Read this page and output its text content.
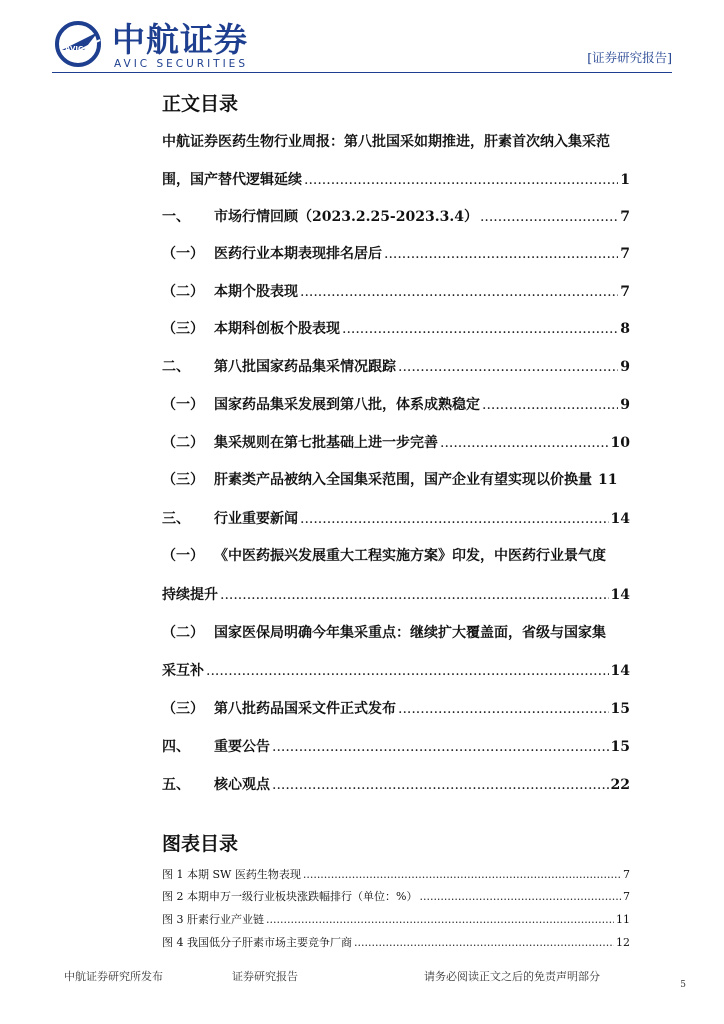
AVIC 中航证券
AVIC SECURITIES	[证券研究报告]
正文目录
中航证券医药生物行业周报：第八批国采如期推进，肝素首次纳入集采范
围，国产替代逻辑延续 .....	1
一、	市场行情回顾（2023.2.25-2023.3.4） .....	7
（一） 医药行业本期表现排名居后 .....	7
（二） 本期个股表现 .....	7
（三） 本期科创板个股表现 .....	8
二、	第八批国家药品集采情况跟踪 .....	9
（一） 国家药品集采发展到第八批，体系成熟稳定 .....	9
（二） 集采规则在第七批基础上进一步完善 .....	10
（三） 肝素类产品被纳入全国集采范围，国产企业有望实现以价换量 11
三、	行业重要新闻 .....	14
（一） 《中医药振兴发展重大工程实施方案》印发，中医药行业景气度
持续提升 .....	14
（二） 国家医保局明确今年集采重点：继续扩大覆盖面，省级与国家集
采互补 .....	14
（三） 第八批药品国采文件正式发布 .....	15
四、	重要公告 .....	15
五、	核心观点 .....	22
图表目录
图 1 本期 SW 医药生物表现 .....	7
图 2 本期申万一级行业板块涨跌幅排行（单位：%） .....	7
图 3 肝素行业产业链 .....	11
图 4 我国低分子肝素市场主要竞争厂商 .....	12
中航证券研究所发布	证券研究报告	请务必阅读正文之后的免责声明部分
5
